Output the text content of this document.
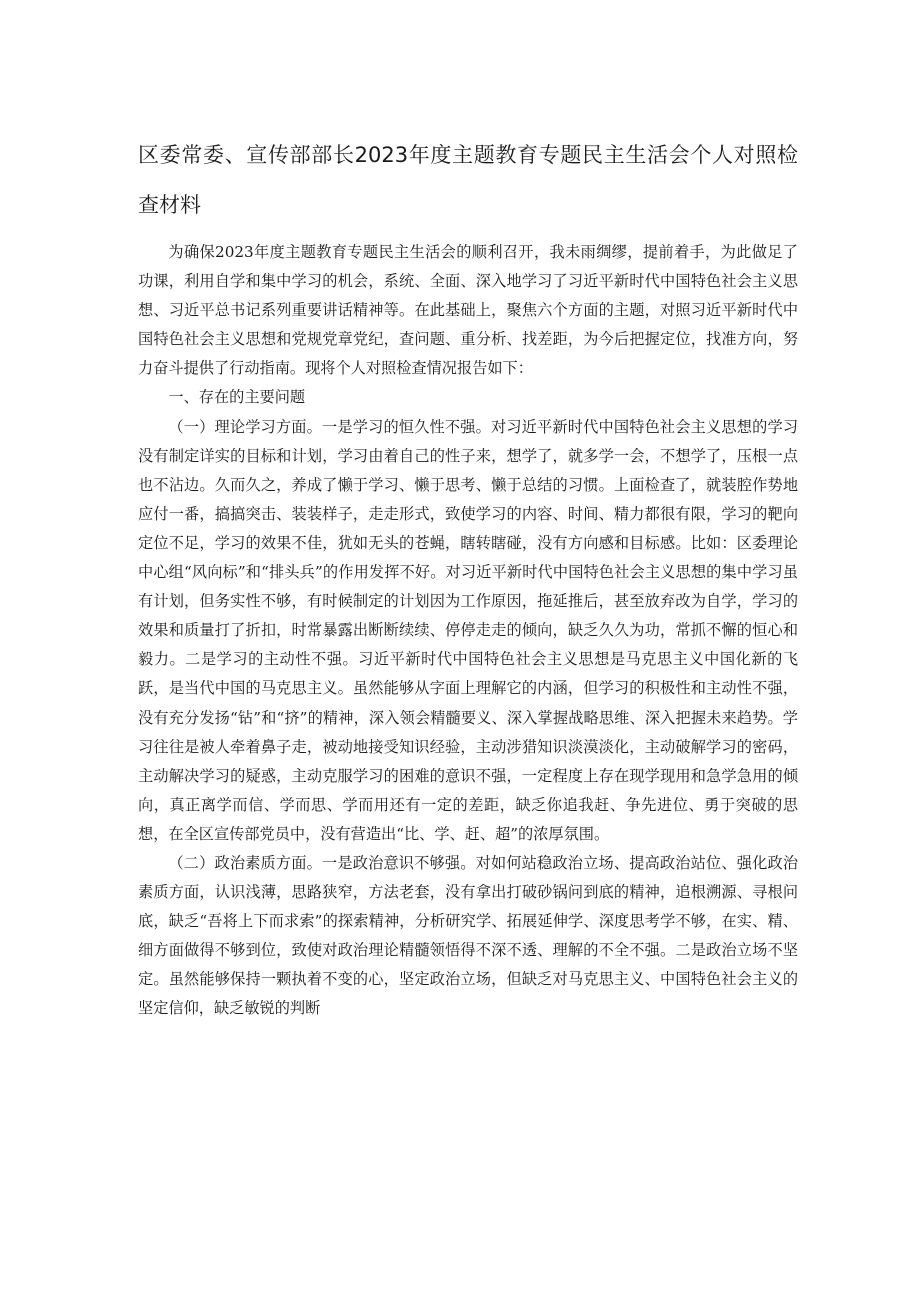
区委常委、宣传部部长2023年度主题教育专题民主生活会个人对照检查材料

为确保2023年度主题教育专题民主生活会的顺利召开，我未雨绸缪，提前着手，为此做足了功课，利用自学和集中学习的机会，系统、全面、深入地学习了习近平新时代中国特色社会主义思想、习近平总书记系列重要讲话精神等。在此基础上，聚焦六个方面的主题，对照习近平新时代中国特色社会主义思想和党规党章党纪，查问题、重分析、找差距，为今后把握定位，找准方向，努力奋斗提供了行动指南。现将个人对照检查情况报告如下：

一、存在的主要问题

（一）理论学习方面。一是学习的恒久性不强。对习近平新时代中国特色社会主义思想的学习没有制定详实的目标和计划，学习由着自己的性子来，想学了，就多学一会，不想学了，压根一点也不沾边。久而久之，养成了懒于学习、懒于思考、懒于总结的习惯。上面检查了，就装腔作势地应付一番，搞搞突击、装装样子，走走形式，致使学习的内容、时间、精力都很有限，学习的靶向定位不足，学习的效果不佳，犹如无头的苍蝇，瞎转瞎碰，没有方向感和目标感。比如：区委理论中心组“风向标”和“排头兵”的作用发挥不好。对习近平新时代中国特色社会主义思想的集中学习虽有计划，但务实性不够，有时候制定的计划因为工作原因，拖延推后，甚至放弃改为自学，学习的效果和质量打了折扣，时常暴露出断断续续、停停走走的倾向，缺乏久久为功，常抓不懈的恒心和毅力。二是学习的主动性不强。习近平新时代中国特色社会主义思想是马克思主义中国化新的飞跃，是当代中国的马克思主义。虽然能够从字面上理解它的内涵，但学习的积极性和主动性不强，没有充分发扬“钻”和“挤”的精神，深入领会精髓要义、深入掌握战略思维、深入把握未来趋势。学习往往是被人牵着鼻子走，被动地接受知识经验，主动涉猎知识淡漠淡化，主动破解学习的密码，主动解决学习的疑惑，主动克服学习的困难的意识不强，一定程度上存在现学现用和急学急用的倾向，真正离学而信、学而思、学而用还有一定的差距，缺乏你追我赶、争先进位、勇于突破的思想，在全区宣传部党员中，没有营造出“比、学、赶、超”的浓厚氛围。

（二）政治素质方面。一是政治意识不够强。对如何站稳政治立场、提高政治站位、强化政治素质方面，认识浅薄，思路狭窄，方法老套，没有拿出打破砂锅问到底的精神，追根溯源、寻根问底，缺乏“吾将上下而求索”的探索精神，分析研究学、拓展延伸学、深度思考学不够，在实、精、细方面做得不够到位，致使对政治理论精髓领悟得不深不透、理解的不全不强。二是政治立场不坚定。虽然能够保持一颗执着不变的心，坚定政治立场，但缺乏对马克思主义、中国特色社会主义的坚定信仰，缺乏敏锐的判断
